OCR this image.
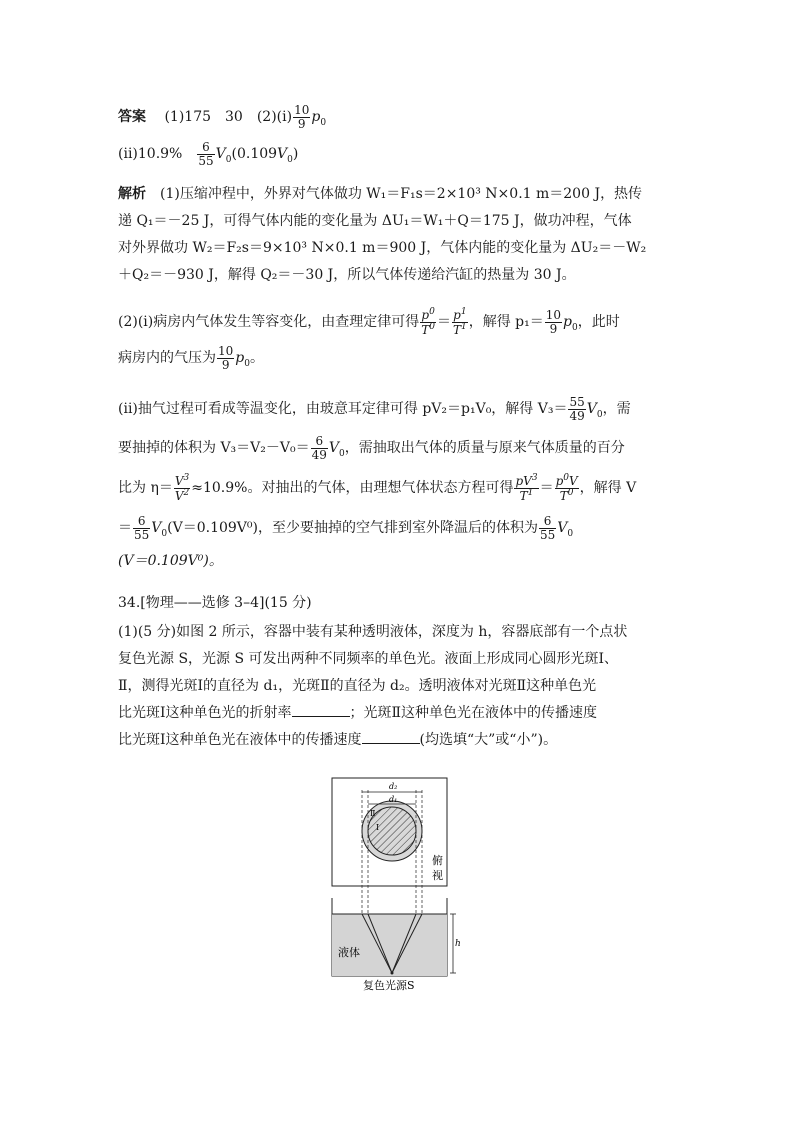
答案　 (1)175　30　(2)(ⅰ) $\frac{10}{9} p_0$
(ⅱ)10.9%　 $\frac{6}{55} V_0(0.109V_0)$
解析　 (1)压缩冲程中，外界对气体做功 W₁＝F₁s＝2×10³ N×0.1 m＝200 J，热传
递 Q₁＝－25 J，可得气体内能的变化量为 ΔU₁＝W₁＋Q＝175 J，做功冲程，气体
对外界做功 W₂＝F₂s＝9×10³ N×0.1 m＝900 J，气体内能的变化量为 ΔU₂＝－W₂
＋Q₂＝－930 J，解得 Q₂＝－30 J，所以气体传递给汽缸的热量为 30 J。
(2)(ⅰ)病房内气体发生等容变化，由查理定律可得 $\frac{p^0}{T^0} = \frac{p^1}{T^1}$ ，解得 $p_1= \frac{10}{9} p_0$，此时
病房内的气压为 $\frac{10}{9} p_0$。
(ⅱ)抽气过程可看成等温变化，由玻意耳定律可得 pV₂＝p₁V₀，解得 $V_3= \frac{55}{49} V_0$，需
要抽掉的体积为 $V_3=V_2-V_0= \frac{6}{49} V_0$，需抽取出气体的质量与原来气体质量的百分
比为 $\eta= \frac{V^3}{V^2} \approx 10.9\%$。对抽出的气体，由理想气体状态方程可得 $\frac{pV^3}{T^1} = \frac{p^0V}{T^0}$ ，解得 V
＝ $\frac{6}{55} V_0(V=0.109V^0)$，至少要抽掉的空气排到室外降温后的体积为 $\frac{6}{55} V_0$
(V＝0.109V⁰)。
34.[物理——选修 3–4](15 分)
(1)(5 分)如图 2 所示，容器中装有某种透明液体，深度为 h，容器底部有一个点状
复色光源 S，光源 S 可发出两种不同频率的单色光。液面上形成同心圆形光斑Ⅰ、
Ⅱ，测得光斑Ⅰ的直径为 d₁，光斑Ⅱ的直径为 d₂。透明液体对光斑Ⅱ这种单色光
比光斑Ⅰ这种单色光的折射率	；光斑Ⅱ这种单色光在液体中的传播速度
比光斑Ⅰ这种单色光在液体中的传播速度	(均选填“大”或“小”)。
d₂
d₁
Ⅱ
Ⅰ
俯
视
h
液体
复色光源S
